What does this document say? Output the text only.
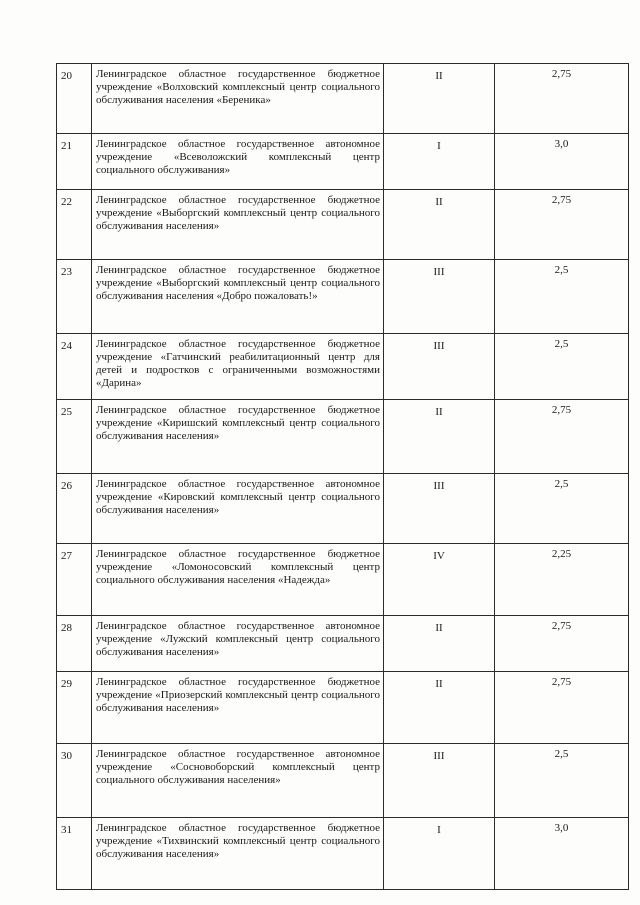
20	Ленинградское областное государственное бюджетное учреждение «Волховский комплексный центр социального обслуживания населения «Береника»	II	2,75
21	Ленинградское областное государственное автономное учреждение «Всеволожский комплексный центр социального обслуживания»	I	3,0
22	Ленинградское областное государственное бюджетное учреждение «Выборгский комплексный центр социального обслуживания населения»	II	2,75
23	Ленинградское областное государственное бюджетное учреждение «Выборгский комплексный центр социального обслуживания населения «Добро пожаловать!»	III	2,5
24	Ленинградское областное государственное бюджетное учреждение «Гатчинский реабилитационный центр для детей и подростков с ограниченными возможностями «Дарина»	III	2,5
25	Ленинградское областное государственное бюджетное учреждение «Киришский комплексный центр социального обслуживания населения»	II	2,75
26	Ленинградское областное государственное автономное учреждение «Кировский комплексный центр социального обслуживания населения»	III	2,5
27	Ленинградское областное государственное бюджетное учреждение «Ломоносовский комплексный центр социального обслуживания населения «Надежда»	IV	2,25
28	Ленинградское областное государственное автономное учреждение «Лужский комплексный центр социального обслуживания населения»	II	2,75
29	Ленинградское областное государственное бюджетное учреждение «Приозерский комплексный центр социального обслуживания населения»	II	2,75
30	Ленинградское областное государственное автономное учреждение «Сосновоборский комплексный центр социального обслуживания населения»	III	2,5
31	Ленинградское областное государственное бюджетное учреждение «Тихвинский комплексный центр социального обслуживания населения»	I	3,0
